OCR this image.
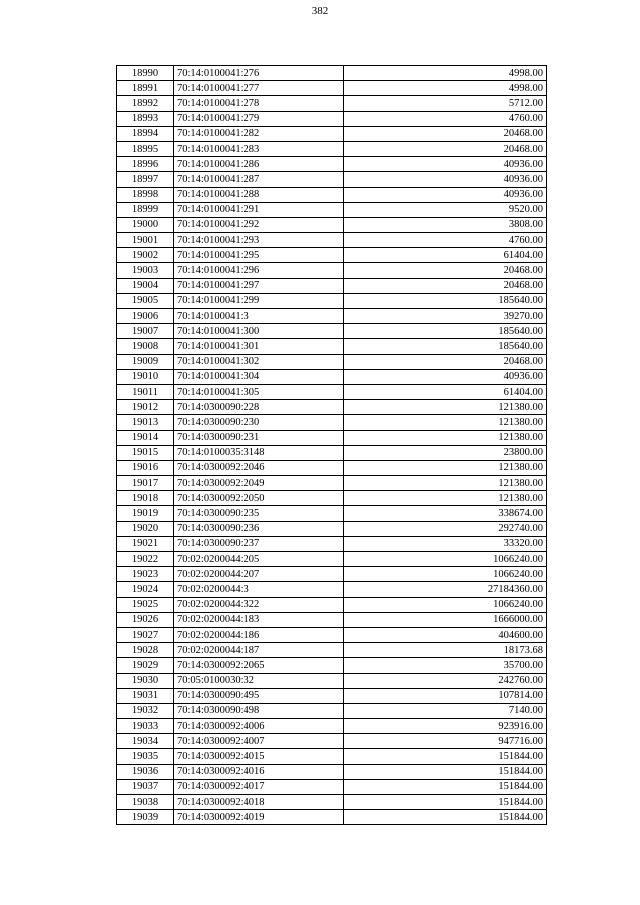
382
18990	70:14:0100041:276	4998.00
18991	70:14:0100041:277	4998.00
18992	70:14:0100041:278	5712.00
18993	70:14:0100041:279	4760.00
18994	70:14:0100041:282	20468.00
18995	70:14:0100041:283	20468.00
18996	70:14:0100041:286	40936.00
18997	70:14:0100041:287	40936.00
18998	70:14:0100041:288	40936.00
18999	70:14:0100041:291	9520.00
19000	70:14:0100041:292	3808.00
19001	70:14:0100041:293	4760.00
19002	70:14:0100041:295	61404.00
19003	70:14:0100041:296	20468.00
19004	70:14:0100041:297	20468.00
19005	70:14:0100041:299	185640.00
19006	70:14:0100041:3	39270.00
19007	70:14:0100041:300	185640.00
19008	70:14:0100041:301	185640.00
19009	70:14:0100041:302	20468.00
19010	70:14:0100041:304	40936.00
19011	70:14:0100041:305	61404.00
19012	70:14:0300090:228	121380.00
19013	70:14:0300090:230	121380.00
19014	70:14:0300090:231	121380.00
19015	70:14:0100035:3148	23800.00
19016	70:14:0300092:2046	121380.00
19017	70:14:0300092:2049	121380.00
19018	70:14:0300092:2050	121380.00
19019	70:14:0300090:235	338674.00
19020	70:14:0300090:236	292740.00
19021	70:14:0300090:237	33320.00
19022	70:02:0200044:205	1066240.00
19023	70:02:0200044:207	1066240.00
19024	70:02:0200044:3	27184360.00
19025	70:02:0200044:322	1066240.00
19026	70:02:0200044:183	1666000.00
19027	70:02:0200044:186	404600.00
19028	70:02:0200044:187	18173.68
19029	70:14:0300092:2065	35700.00
19030	70:05:0100030:32	242760.00
19031	70:14:0300090:495	107814.00
19032	70:14:0300090:498	7140.00
19033	70:14:0300092:4006	923916.00
19034	70:14:0300092:4007	947716.00
19035	70:14:0300092:4015	151844.00
19036	70:14:0300092:4016	151844.00
19037	70:14:0300092:4017	151844.00
19038	70:14:0300092:4018	151844.00
19039	70:14:0300092:4019	151844.00
